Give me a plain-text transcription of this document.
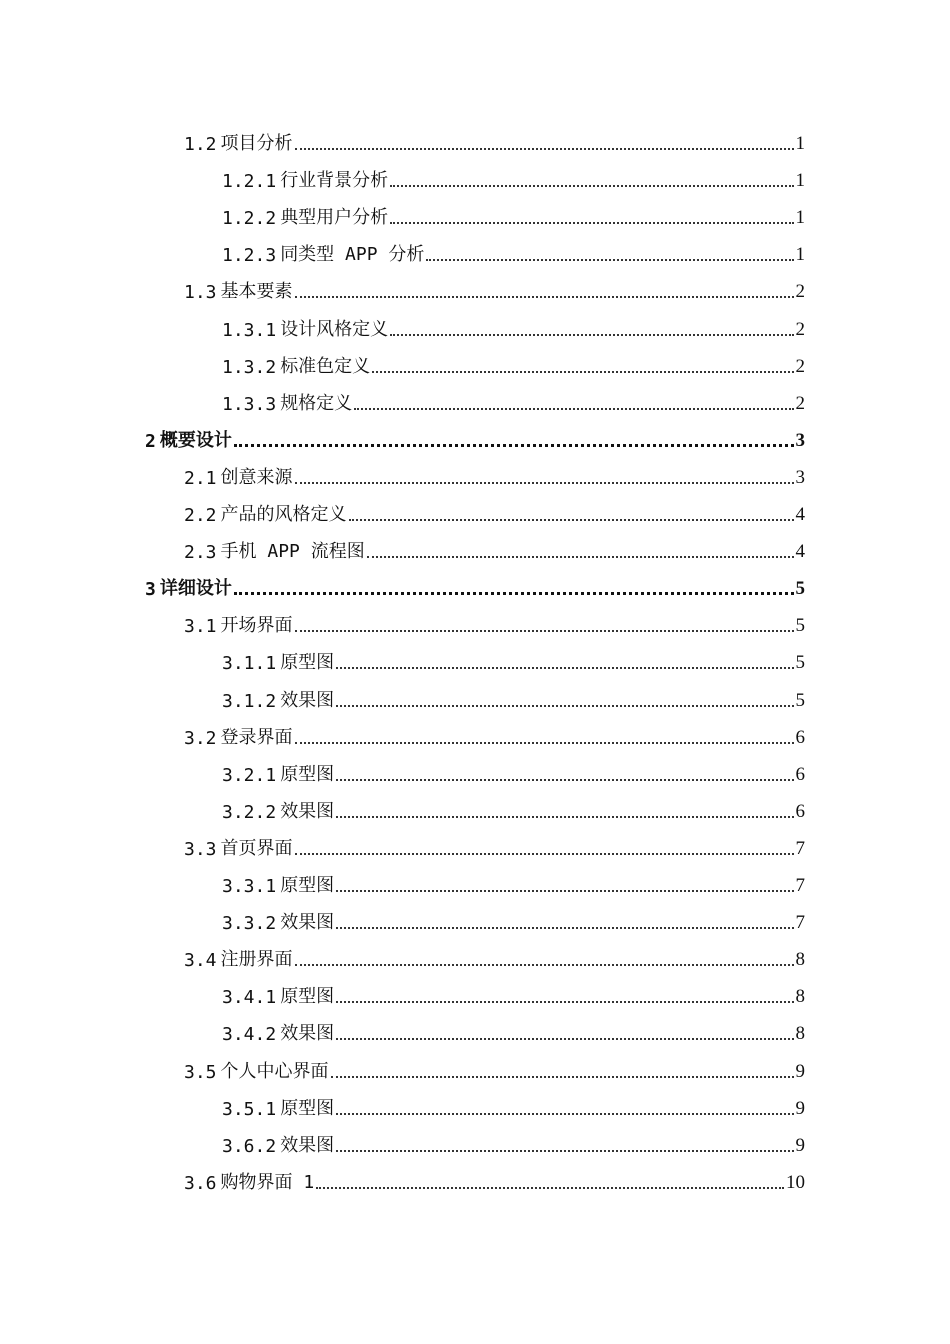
1.2 项目分析	1
1.2.1 行业背景分析	1
1.2.2 典型用户分析	1
1.2.3 同类型 APP 分析	1
1.3 基本要素	2
1.3.1 设计风格定义	2
1.3.2 标准色定义	2
1.3.3 规格定义	2
2 概要设计	3
2.1 创意来源	3
2.2 产品的风格定义	4
2.3 手机 APP 流程图	4
3 详细设计	5
3.1 开场界面	5
3.1.1 原型图	5
3.1.2 效果图	5
3.2 登录界面	6
3.2.1 原型图	6
3.2.2 效果图	6
3.3 首页界面	7
3.3.1 原型图	7
3.3.2 效果图	7
3.4 注册界面	8
3.4.1 原型图	8
3.4.2 效果图	8
3.5 个人中心界面	9
3.5.1 原型图	9
3.6.2 效果图	9
3.6 购物界面 1	10
